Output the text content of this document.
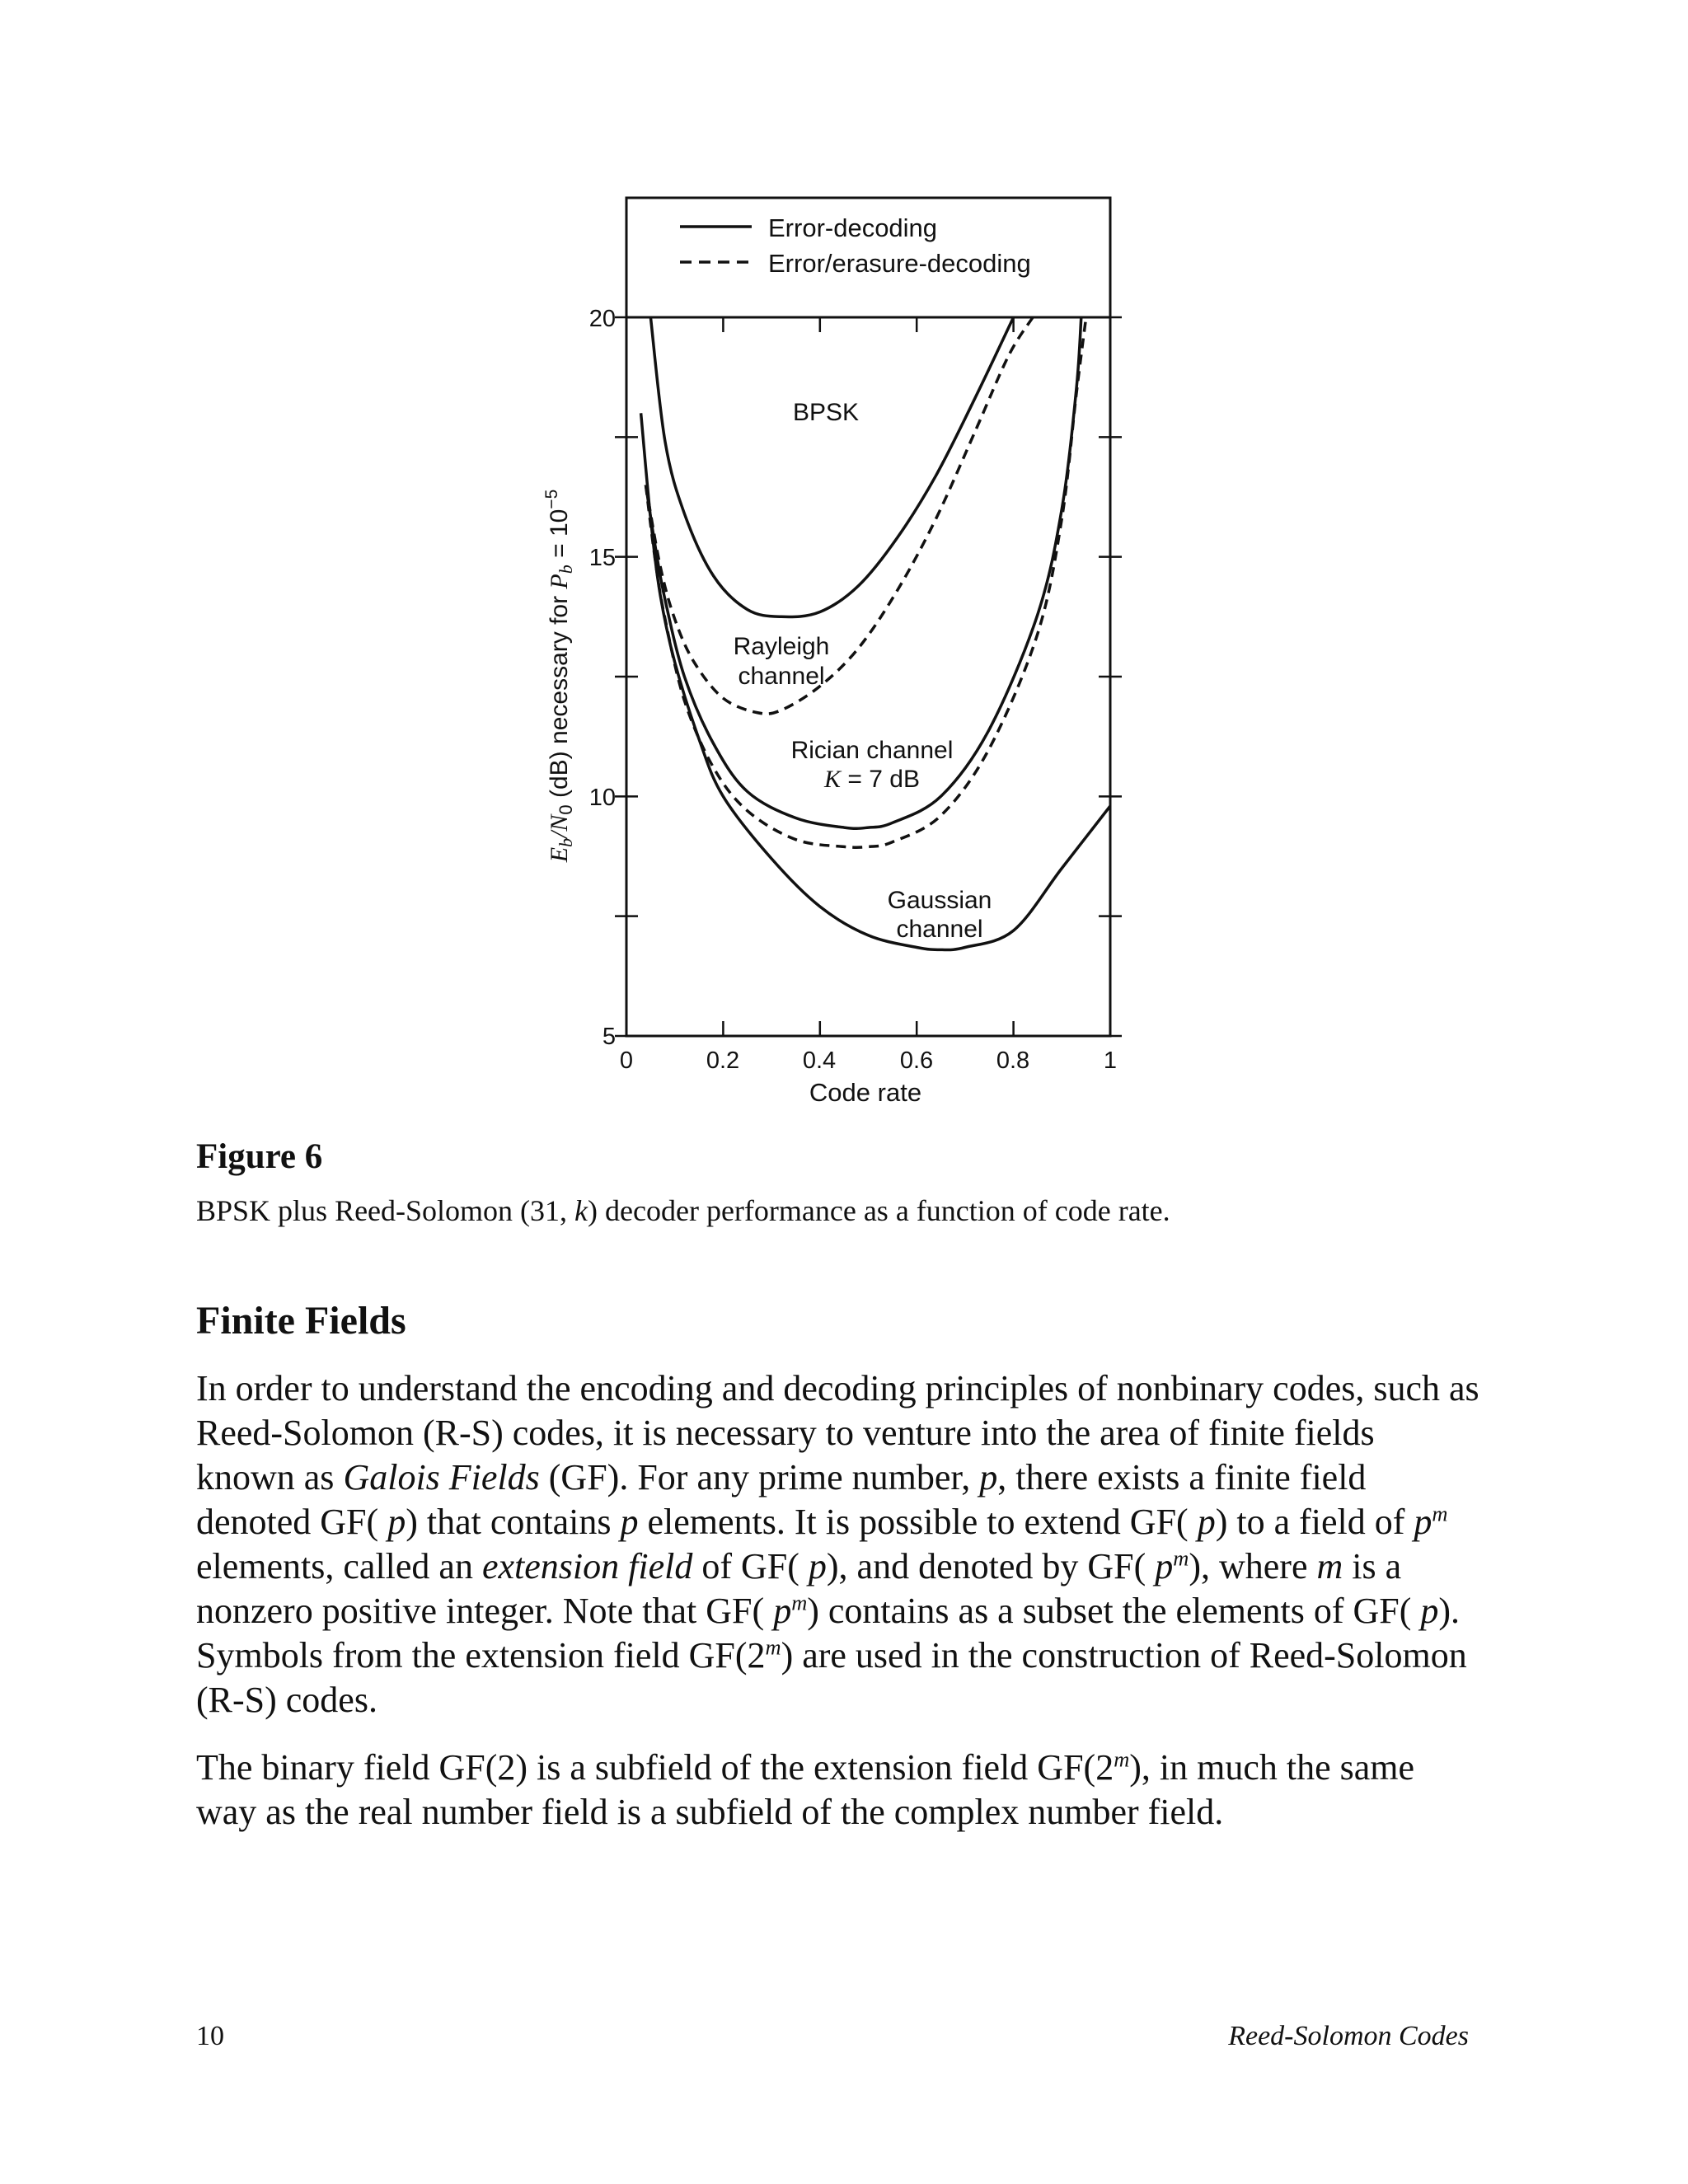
Error-decoding
Error/erasure-decoding
0	0.2	0.4	0.6	0.8	1
Code rate
5
10
15
20
$E_b/N_0$ (dB) necessary for $P_b = 10^{-5}$
BPSK
Rayleigh
channel
Rician channel
K = 7 dB
Gaussian
channel

Figure 6

BPSK plus Reed-Solomon (31, k) decoder performance as a function of code rate.

Finite Fields

In order to understand the encoding and decoding principles of nonbinary codes, such as Reed-Solomon (R-S) codes, it is necessary to venture into the area of finite fields known as Galois Fields (GF). For any prime number, p, there exists a finite field denoted GF( p) that contains p elements. It is possible to extend GF( p) to a field of $p^m$ elements, called an extension field of GF( p), and denoted by GF( $p^m$), where m is a nonzero positive integer. Note that GF( $p^m$) contains as a subset the elements of GF( p). Symbols from the extension field GF(2$^m$) are used in the construction of Reed-Solomon (R-S) codes.

The binary field GF(2) is a subfield of the extension field GF(2$^m$), in much the same way as the real number field is a subfield of the complex number field.

10	Reed-Solomon Codes
